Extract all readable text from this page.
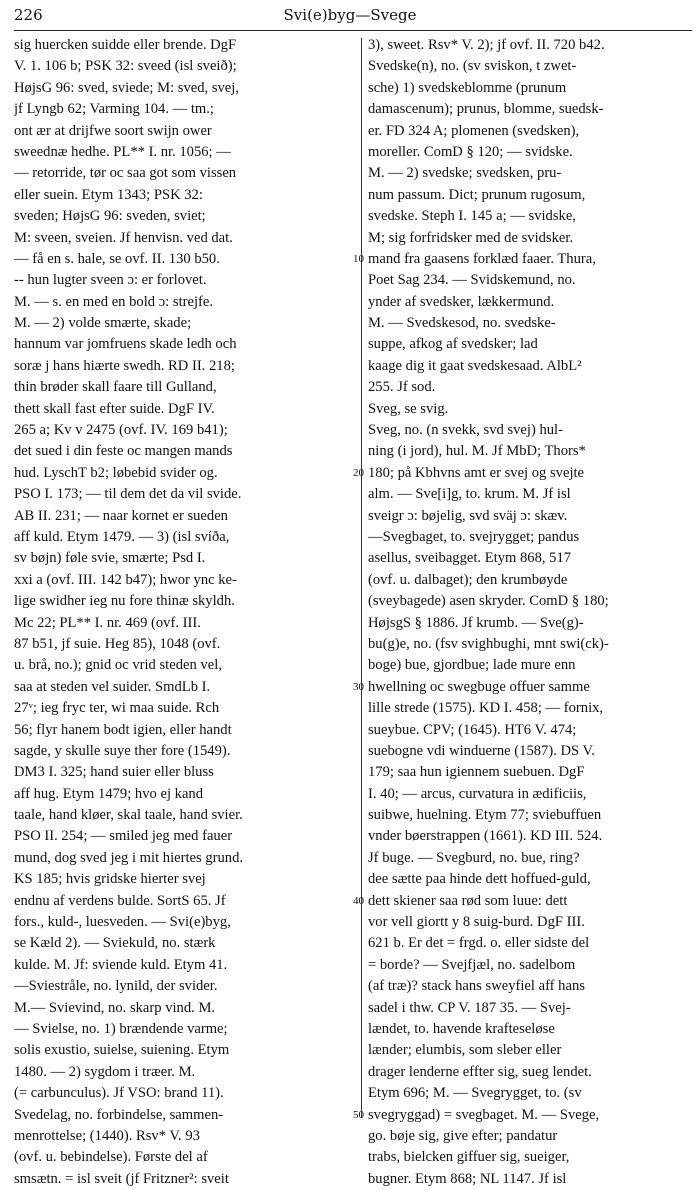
226	Svi(e)byg—Svege
sig huercken suidde eller brende. DgF
V. 1. 106 b; PSK 32: sveed (isl sveið);
HøjsG 96: sved, sviede; M: sved, svej,
jf Lyngb 62; Varming 104. — tm.;
ont ær at drijfwe soort swijn ower
sweednæ hedhe. PL** I. nr. 1056; —
— retorride, tør oc saa got som vissen
eller suein. Etym 1343; PSK 32:
sveden; HøjsG 96: sveden, sviet;
M: sveen, sveien. Jf henvisn. ved dat.
— få en s. hale, se ovf. II. 130 b50.
-- hun lugter sveen ɔ: er forlovet.
M. — s. en med en bold ɔ: strejfe.
M. — 2) volde smærte, skade;
hannum var jomfruens skade ledh och
soræ j hans hiærte swedh. RD II. 218;
thin brøder skall faare till Gulland,
thett skall fast efter suide. DgF IV.
265 a; Kv v 2475 (ovf. IV. 169 b41);
det sued i din feste oc mangen mands
hud. LyschT b2; løbebid svider og.
PSO I. 173; — til dem det da vil svide.
AB II. 231; — naar kornet er sueden
aff kuld. Etym 1479. — 3) (isl svíða,
sv bøjn) føle svie, smærte; Psd I.
xxi a (ovf. III. 142 b47); hwor ync ke-
lige swidher ieg nu fore thinæ skyldh.
Mc 22; PL** I. nr. 469 (ovf. III.
87 b51, jf suie. Heg 85), 1048 (ovf.
u. brå, no.); gnid oc vrid steden vel,
saa at steden vel suider. SmdLb I.
27ᵛ; ieg fryc ter, wi maa suide. Rch
56; flyr hanem bodt igien, eller handt
sagde, y skulle suye ther fore (1549).
DM3 I. 325; hand suier eller bluss
aff hug. Etym 1479; hvo ej kand
taale, hand kløer, skal taale, hand svier.
PSO II. 254; — smiled jeg med fauer
mund, dog sved jeg i mit hiertes grund.
KS 185; hvis gridske hierter svej
endnu af verdens bulde. SortS 65. Jf
fors., kuld-, luesveden. — Svi(e)byg,
se Kæld 2). — Sviekuld, no. stærk
kulde. M. Jf: sviende kuld. Etym 41.
—Sviestråle, no. lynild, der svider.
M.— Svievind, no. skarp vind. M.
— Svielse, no. 1) brændende varme;
solis exustio, suielse, suiening. Etym
1480. — 2) sygdom i træer. M.
(= carbunculus). Jf VSO: brand 11).
Svedelag, no. forbindelse, sammen-
menrottelse; (1440). Rsv* V. 93
(ovf. u. bebindelse). Første del af
smsætn. = isl sveit (jf Fritzner²: sveit
3), sweet. Rsv* V. 2); jf ovf. II. 720 b42.
Svedske(n), no. (sv sviskon, t zwet-
sche) 1) svedskeblomme (prunum
damascenum); prunus, blomme, suedsk-
er. FD 324 A; plomenen (svedsken),
moreller. ComD § 120; — svidske.
M. — 2) svedske; svedsken, pru-
num passum. Dict; prunum rugosum,
svedske. Steph I. 145 a; — svidske,
M; sig forfridsker med de svidsker.
mand fra gaasens forklæd faaer. Thura,
Poet Sag 234. — Svidskemund, no.
ynder af svedsker, lækkermund.
M. — Svedskesod, no. svedske-
suppe, afkog af svedsker; lad
kaage dig it gaat svedskesaad. AlbL²
255. Jf sod.
Sveg, se svig.
Sveg, no. (n svekk, svd svej) hul-
ning (i jord), hul. M. Jf MbD; Thors*
180; på Kbhvns amt er svej og svejte
alm. — Sve[i]g, to. krum. M. Jf isl
sveigr ɔ: bøjelig, svd sväj ɔ: skæv.
—Svegbaget, to. svejrygget; pandus
asellus, sveibagget. Etym 868, 517
(ovf. u. dalbaget); den krumbøyde
(sveybagede) asen skryder. ComD § 180;
HøjsgS § 1886. Jf krumb. — Sve(g)-
bu(g)e, no. (fsv svighbughi, mnt swi(ck)-
boge) bue, gjordbue; lade mure enn
hwellning oc swegbuge offuer samme
lille strede (1575). KD I. 458; — fornix,
sueybue. CPV; (1645). HT6 V. 474;
suebogne vdi winduerne (1587). DS V.
179; saa hun igiennem suebuen. DgF
I. 40; — arcus, curvatura in ædificiis,
suibwe, huelning. Etym 77; sviebuffuen
vnder bøerstrappen (1661). KD III. 524.
Jf buge. — Svegburd, no. bue, ring?
dee sætte paa hinde dett hoffued-guld,
dett skiener saa rød som luue: dett
vor vell giortt y 8 suig-burd. DgF III.
621 b. Er det = frgd. o. eller sidste del
= borde? — Svejfjæl, no. sadelbom
(af træ)? stack hans sweyfiel aff hans
sadel i thw. CP V. 187 35. — Svej-
lændet, to. havende krafteseløse
lænder; elumbis, som sleber eller
drager lenderne effter sig, sueg lendet.
Etym 696; M. — Svegrygget, to. (sv
svegryggad) = svegbaget. M. — Svege,
go. bøje sig, give efter; pandatur
trabs, bielcken giffuer sig, sueiger,
bugner. Etym 868; NL 1147. Jf isl
10
20
30
40
50
